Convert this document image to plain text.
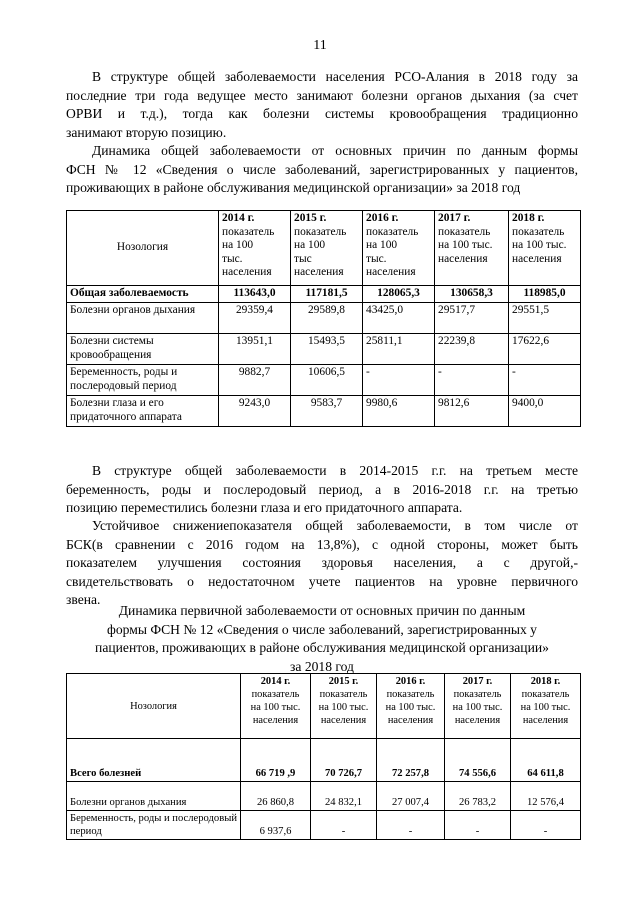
11

В структуре общей заболеваемости населения РСО-Алания в 2018 году за
последние три года ведущее место занимают болезни органов дыхания (за счет
ОРВИ и т.д.), тогда как болезни системы кровообращения традиционно
занимают вторую позицию.

Динамика общей заболеваемости от основных причин по данным формы
ФСН № 12 «Сведения о числе заболеваний, зарегистрированных у пациентов,
проживающих в районе обслуживания медицинской организации» за 2018 год

Нозология	2014 г.
показатель
на 100
тыс.
населения	2015 г.
показатель
на 100
тыс
населения	2016 г.
показатель
на 100
тыс.
населения	2017 г.
показатель
на 100 тыс.
населения	2018 г.
показатель
на 100 тыс.
населения
Общая заболеваемость	113643,0	117181,5	128065,3	130658,3	118985,0
Болезни органов дыхания	29359,4	29589,8	43425,0	29517,7	29551,5
Болезни системы кровообращения	13951,1	15493,5	25811,1	22239,8	17622,6
Беременность, роды и послеродовый период	9882,7	10606,5	-	-	-
Болезни глаза и его придаточного аппарата	9243,0	9583,7	9980,6	9812,6	9400,0

В структуре общей заболеваемости в 2014-2015 г.г. на третьем месте
беременность, роды и послеродовый период, а в 2016-2018 г.г. на третью
позицию переместились болезни глаза и его придаточного аппарата.

Устойчивое снижениепоказателя общей заболеваемости, в том числе от
БСК(в сравнении с 2016 годом на 13,8%), с одной стороны, может быть
показателем улучшения состояния здоровья населения, а с другой,-
свидетельствовать о недостаточном учете пациентов на уровне первичного
звена.

Динамика первичной заболеваемости от основных причин по данным
формы ФСН № 12 «Сведения о числе заболеваний, зарегистрированных у
пациентов, проживающих в районе обслуживания медицинской организации»
за 2018 год

Нозология	2014 г.
показатель
на 100 тыс.
населения	2015 г.
показатель
на 100 тыс.
населения	2016 г.
показатель
на 100 тыс.
населения	2017 г.
показатель
на 100 тыс.
населения	2018 г.
показатель
на 100 тыс.
населения
Всего болезней	66 719 ,9	70 726,7	72 257,8	74 556,6	64 611,8
Болезни органов дыхания	26 860,8	24 832,1	27 007,4	26 783,2	12 576,4
Беременность, роды и послеродовый период	6 937,6	-	-	-	-
